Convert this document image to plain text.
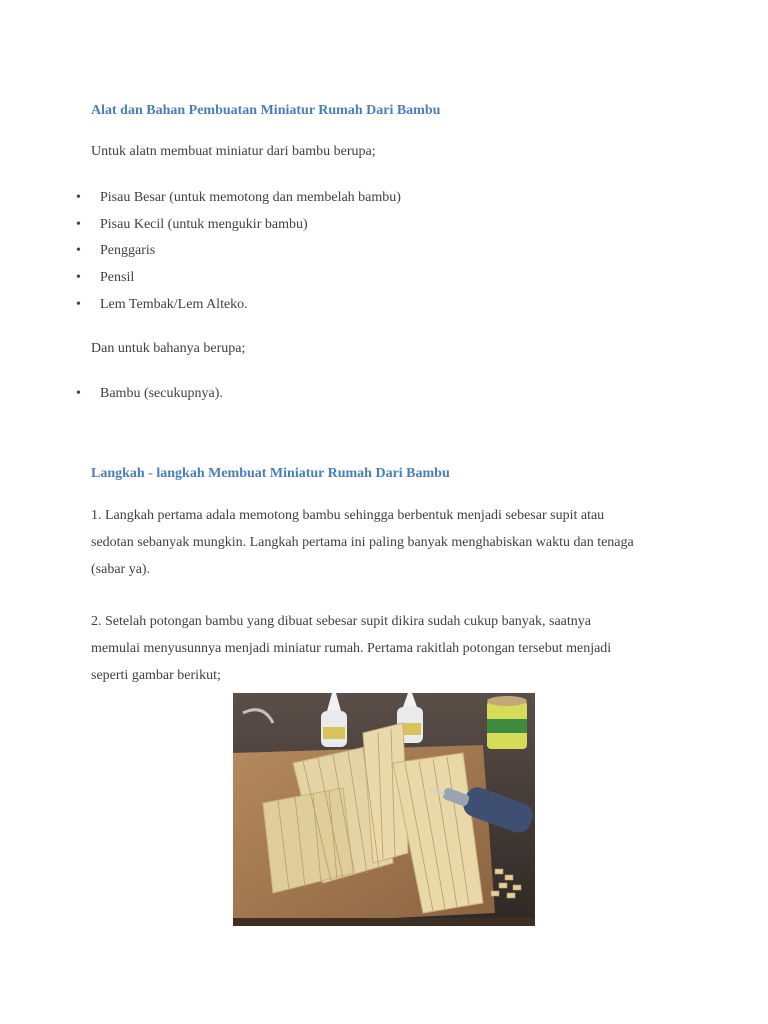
Alat dan Bahan Pembuatan Miniatur Rumah Dari Bambu

Untuk alatn membuat miniatur dari bambu berupa;

• Pisau Besar (untuk memotong dan membelah bambu)
• Pisau Kecil (untuk mengukir bambu)
• Penggaris
• Pensil
• Lem Tembak/Lem Alteko.

Dan untuk bahanya berupa;

• Bambu (secukupnya).
Langkah - langkah Membuat Miniatur Rumah Dari Bambu
1. Langkah pertama adala memotong bambu sehingga berbentuk menjadi sebesar supit atau
sedotan sebanyak mungkin. Langkah pertama ini paling banyak menghabiskan waktu dan tenaga
(sabar ya).
2. Setelah potongan bambu yang dibuat sebesar supit dikira sudah cukup banyak, saatnya
memulai menyusunnya menjadi miniatur rumah. Pertama rakitlah potongan tersebut menjadi
seperti gambar berikut;
